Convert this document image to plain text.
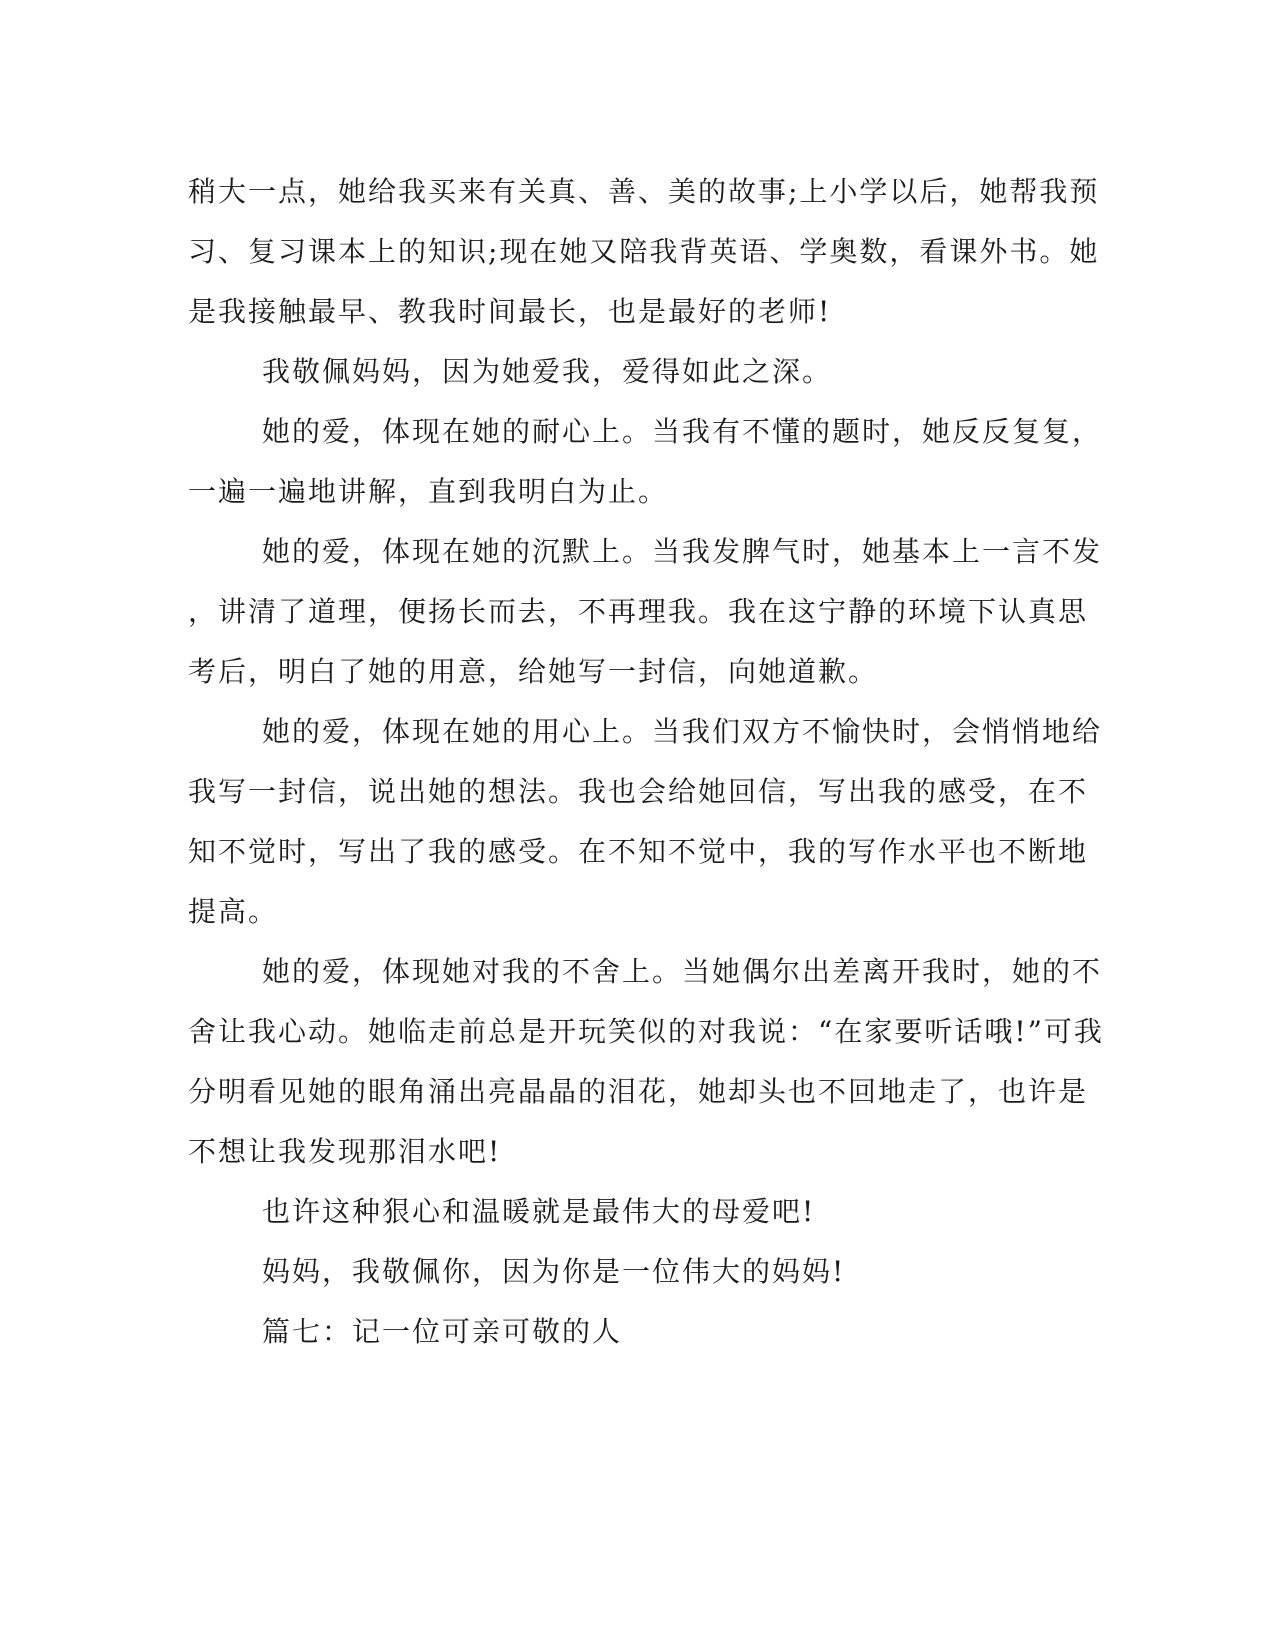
稍大一点，她给我买来有关真、善、美的故事;上小学以后，她帮我预
习、复习课本上的知识;现在她又陪我背英语、学奥数，看课外书。她
是我接触最早、教我时间最长，也是最好的老师!
我敬佩妈妈，因为她爱我，爱得如此之深。
她的爱，体现在她的耐心上。当我有不懂的题时，她反反复复，
一遍一遍地讲解，直到我明白为止。
她的爱，体现在她的沉默上。当我发脾气时，她基本上一言不发
，讲清了道理，便扬长而去，不再理我。我在这宁静的环境下认真思
考后，明白了她的用意，给她写一封信，向她道歉。
她的爱，体现在她的用心上。当我们双方不愉快时，会悄悄地给
我写一封信，说出她的想法。我也会给她回信，写出我的感受，在不
知不觉时，写出了我的感受。在不知不觉中，我的写作水平也不断地
提高。
她的爱，体现她对我的不舍上。当她偶尔出差离开我时，她的不
舍让我心动。她临走前总是开玩笑似的对我说：“在家要听话哦!”可我
分明看见她的眼角涌出亮晶晶的泪花，她却头也不回地走了，也许是
不想让我发现那泪水吧!
也许这种狠心和温暖就是最伟大的母爱吧!
妈妈，我敬佩你，因为你是一位伟大的妈妈!
篇七：记一位可亲可敬的人
